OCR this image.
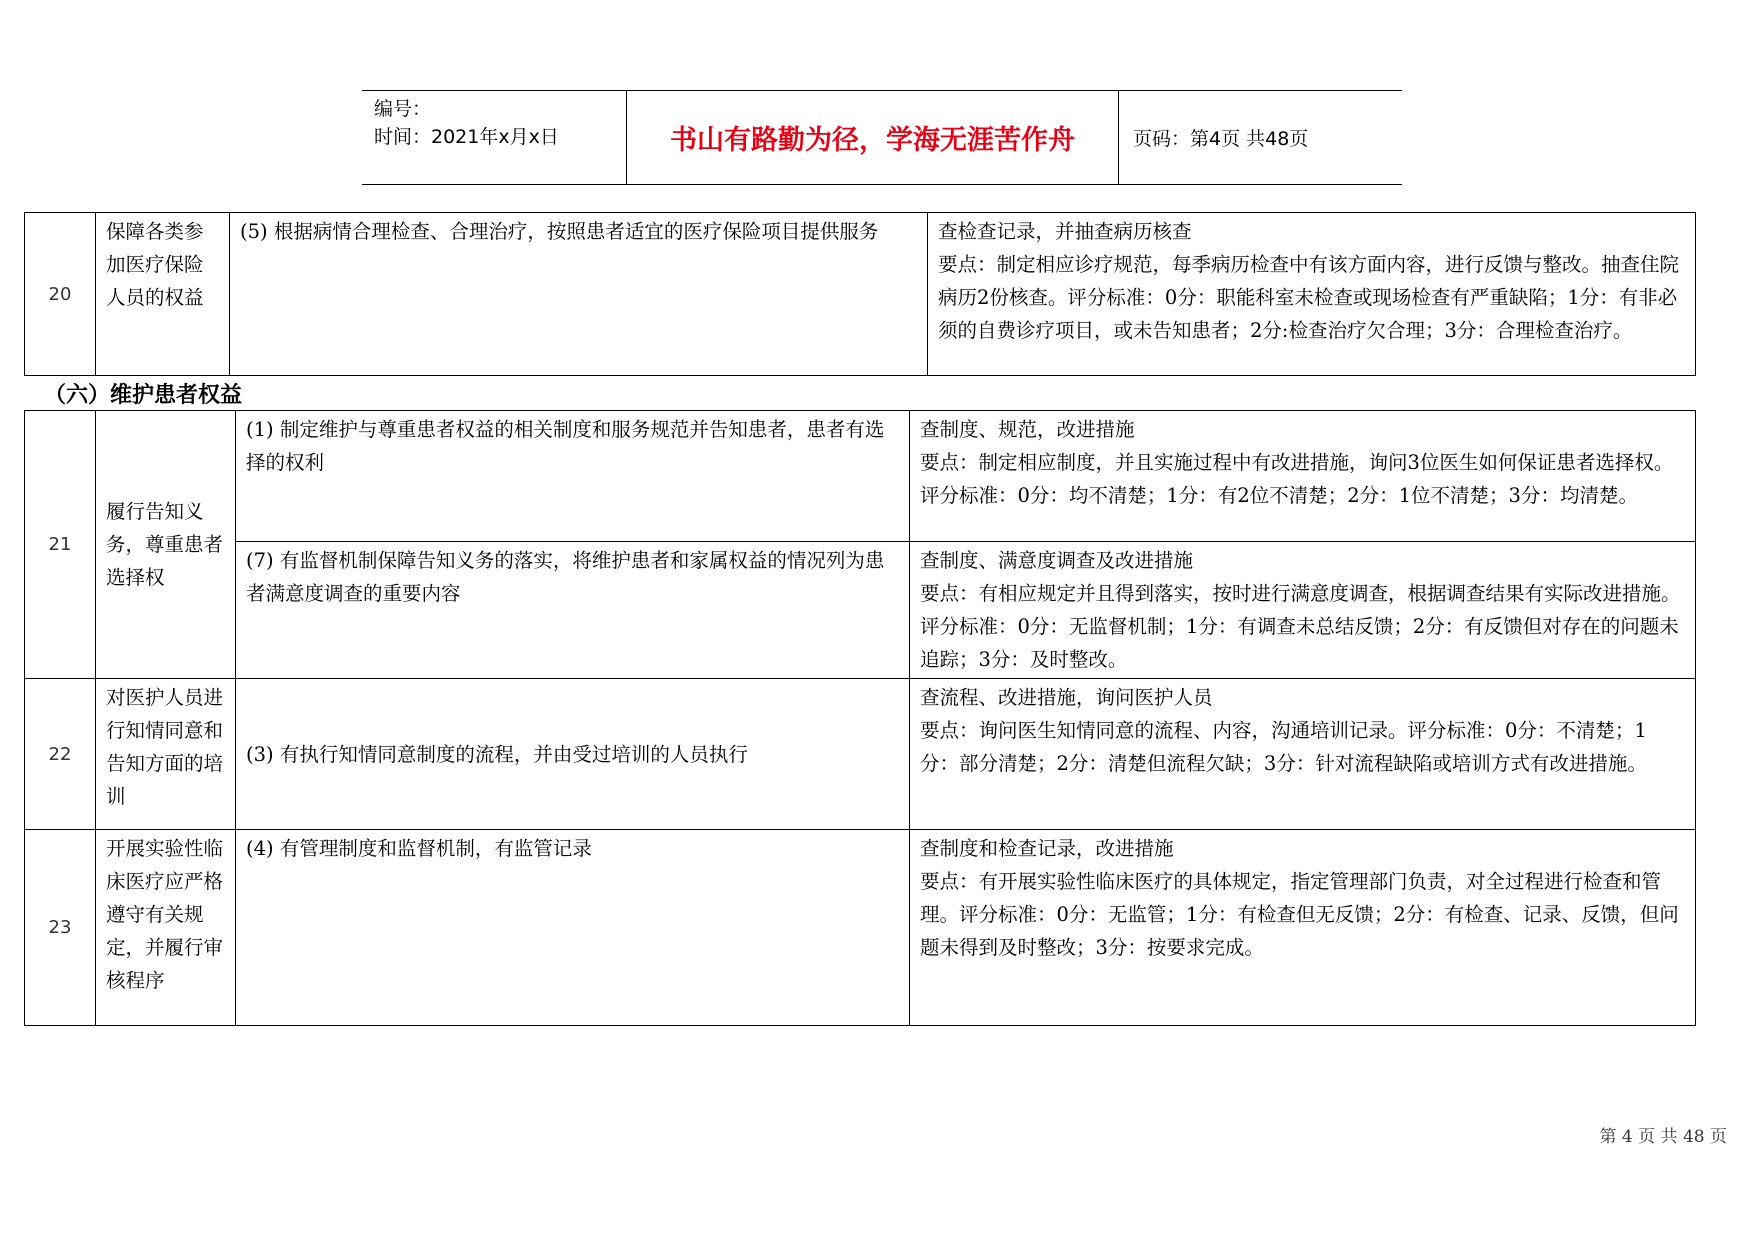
编号：
时间：2021年x月x日	书山有路勤为径，学海无涯苦作舟	页码：第4页 共48页
20	保障各类参加医疗保险人员的权益	(5) 根据病情合理检查、合理治疗，按照患者适宜的医疗保险项目提供服务	查检查记录，并抽查病历核查
要点：制定相应诊疗规范，每季病历检查中有该方面内容，进行反馈与整改。抽查住院病历2份核查。评分标准：0分：职能科室未检查或现场检查有严重缺陷；1分：有非必须的自费诊疗项目，或未告知患者；2分:检查治疗欠合理；3分：合理检查治疗。
（六）维护患者权益
21	履行告知义务，尊重患者选择权	(1) 制定维护与尊重患者权益的相关制度和服务规范并告知患者，患者有选择的权利	查制度、规范，改进措施
要点：制定相应制度，并且实施过程中有改进措施，询问3位医生如何保证患者选择权。评分标准：0分：均不清楚；1分：有2位不清楚；2分：1位不清楚；3分：均清楚。
		(7) 有监督机制保障告知义务的落实，将维护患者和家属权益的情况列为患者满意度调查的重要内容	查制度、满意度调查及改进措施
要点：有相应规定并且得到落实，按时进行满意度调查，根据调查结果有实际改进措施。评分标准：0分：无监督机制；1分：有调查未总结反馈；2分：有反馈但对存在的问题未追踪；3分：及时整改。
22	对医护人员进行知情同意和告知方面的培训	(3) 有执行知情同意制度的流程，并由受过培训的人员执行	查流程、改进措施，询问医护人员
要点：询问医生知情同意的流程、内容，沟通培训记录。评分标准：0分：不清楚；1分：部分清楚；2分：清楚但流程欠缺；3分：针对流程缺陷或培训方式有改进措施。
23	开展实验性临床医疗应严格遵守有关规定，并履行审核程序	(4) 有管理制度和监督机制，有监管记录	查制度和检查记录，改进措施
要点：有开展实验性临床医疗的具体规定，指定管理部门负责，对全过程进行检查和管理。评分标准：0分：无监管；1分：有检查但无反馈；2分：有检查、记录、反馈，但问题未得到及时整改；3分：按要求完成。
第 4 页 共 48 页
